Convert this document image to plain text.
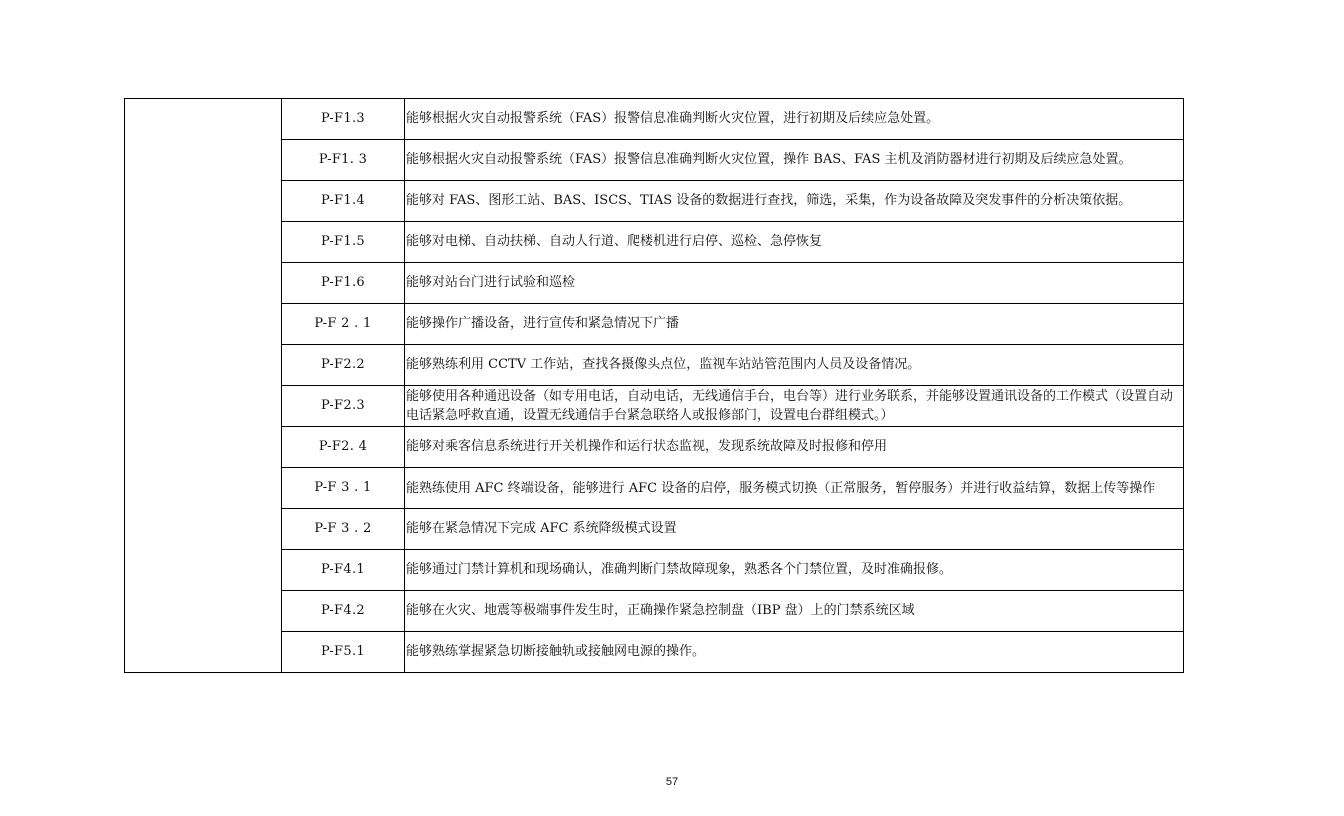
	P-F1.3	能够根据火灾自动报警系统（FAS）报警信息准确判断火灾位置，进行初期及后续应急处置。
	P-F1. 3	能够根据火灾自动报警系统（FAS）报警信息准确判断火灾位置，操作 BAS、FAS 主机及消防器材进行初期及后续应急处置。
	P-F1.4	能够对 FAS、图形工站、BAS、ISCS、TIAS 设备的数据进行查找，筛选，采集，作为设备故障及突发事件的分析决策依据。
	P-F1.5	能够对电梯、自动扶梯、自动人行道、爬楼机进行启停、巡检、急停恢复
	P-F1.6	能够对站台门进行试验和巡检
	P-F 2 . 1	能够操作广播设备，进行宣传和紧急情况下广播
	P-F2.2	能够熟练利用 CCTV 工作站，查找各摄像头点位，监视车站站管范围内人员及设备情况。
	P-F2.3	能够使用各种通迅设备（如专用电话，自动电话，无线通信手台，电台等）进行业务联系，并能够设置通讯设备的工作模式（设置自动电话紧急呼救直通，设置无线通信手台紧急联络人或报修部门，设置电台群组模式。）
	P-F2. 4	能够对乘客信息系统进行开关机操作和运行状态监视，发现系统故障及时报修和停用
	P-F 3 . 1	能熟练使用 AFC 终端设备，能够进行 AFC 设备的启停，服务模式切换（正常服务，暂停服务）并进行收益结算，数据上传等操作
	P-F 3 . 2	能够在紧急情况下完成 AFC 系统降级模式设置
	P-F4.1	能够通过门禁计算机和现场确认，准确判断门禁故障现象，熟悉各个门禁位置，及时准确报修。
	P-F4.2	能够在火灾、地震等极端事件发生时，正确操作紧急控制盘（IBP 盘）上的门禁系统区域
	P-F5.1	能够熟练掌握紧急切断接触轨或接触网电源的操作。
57
